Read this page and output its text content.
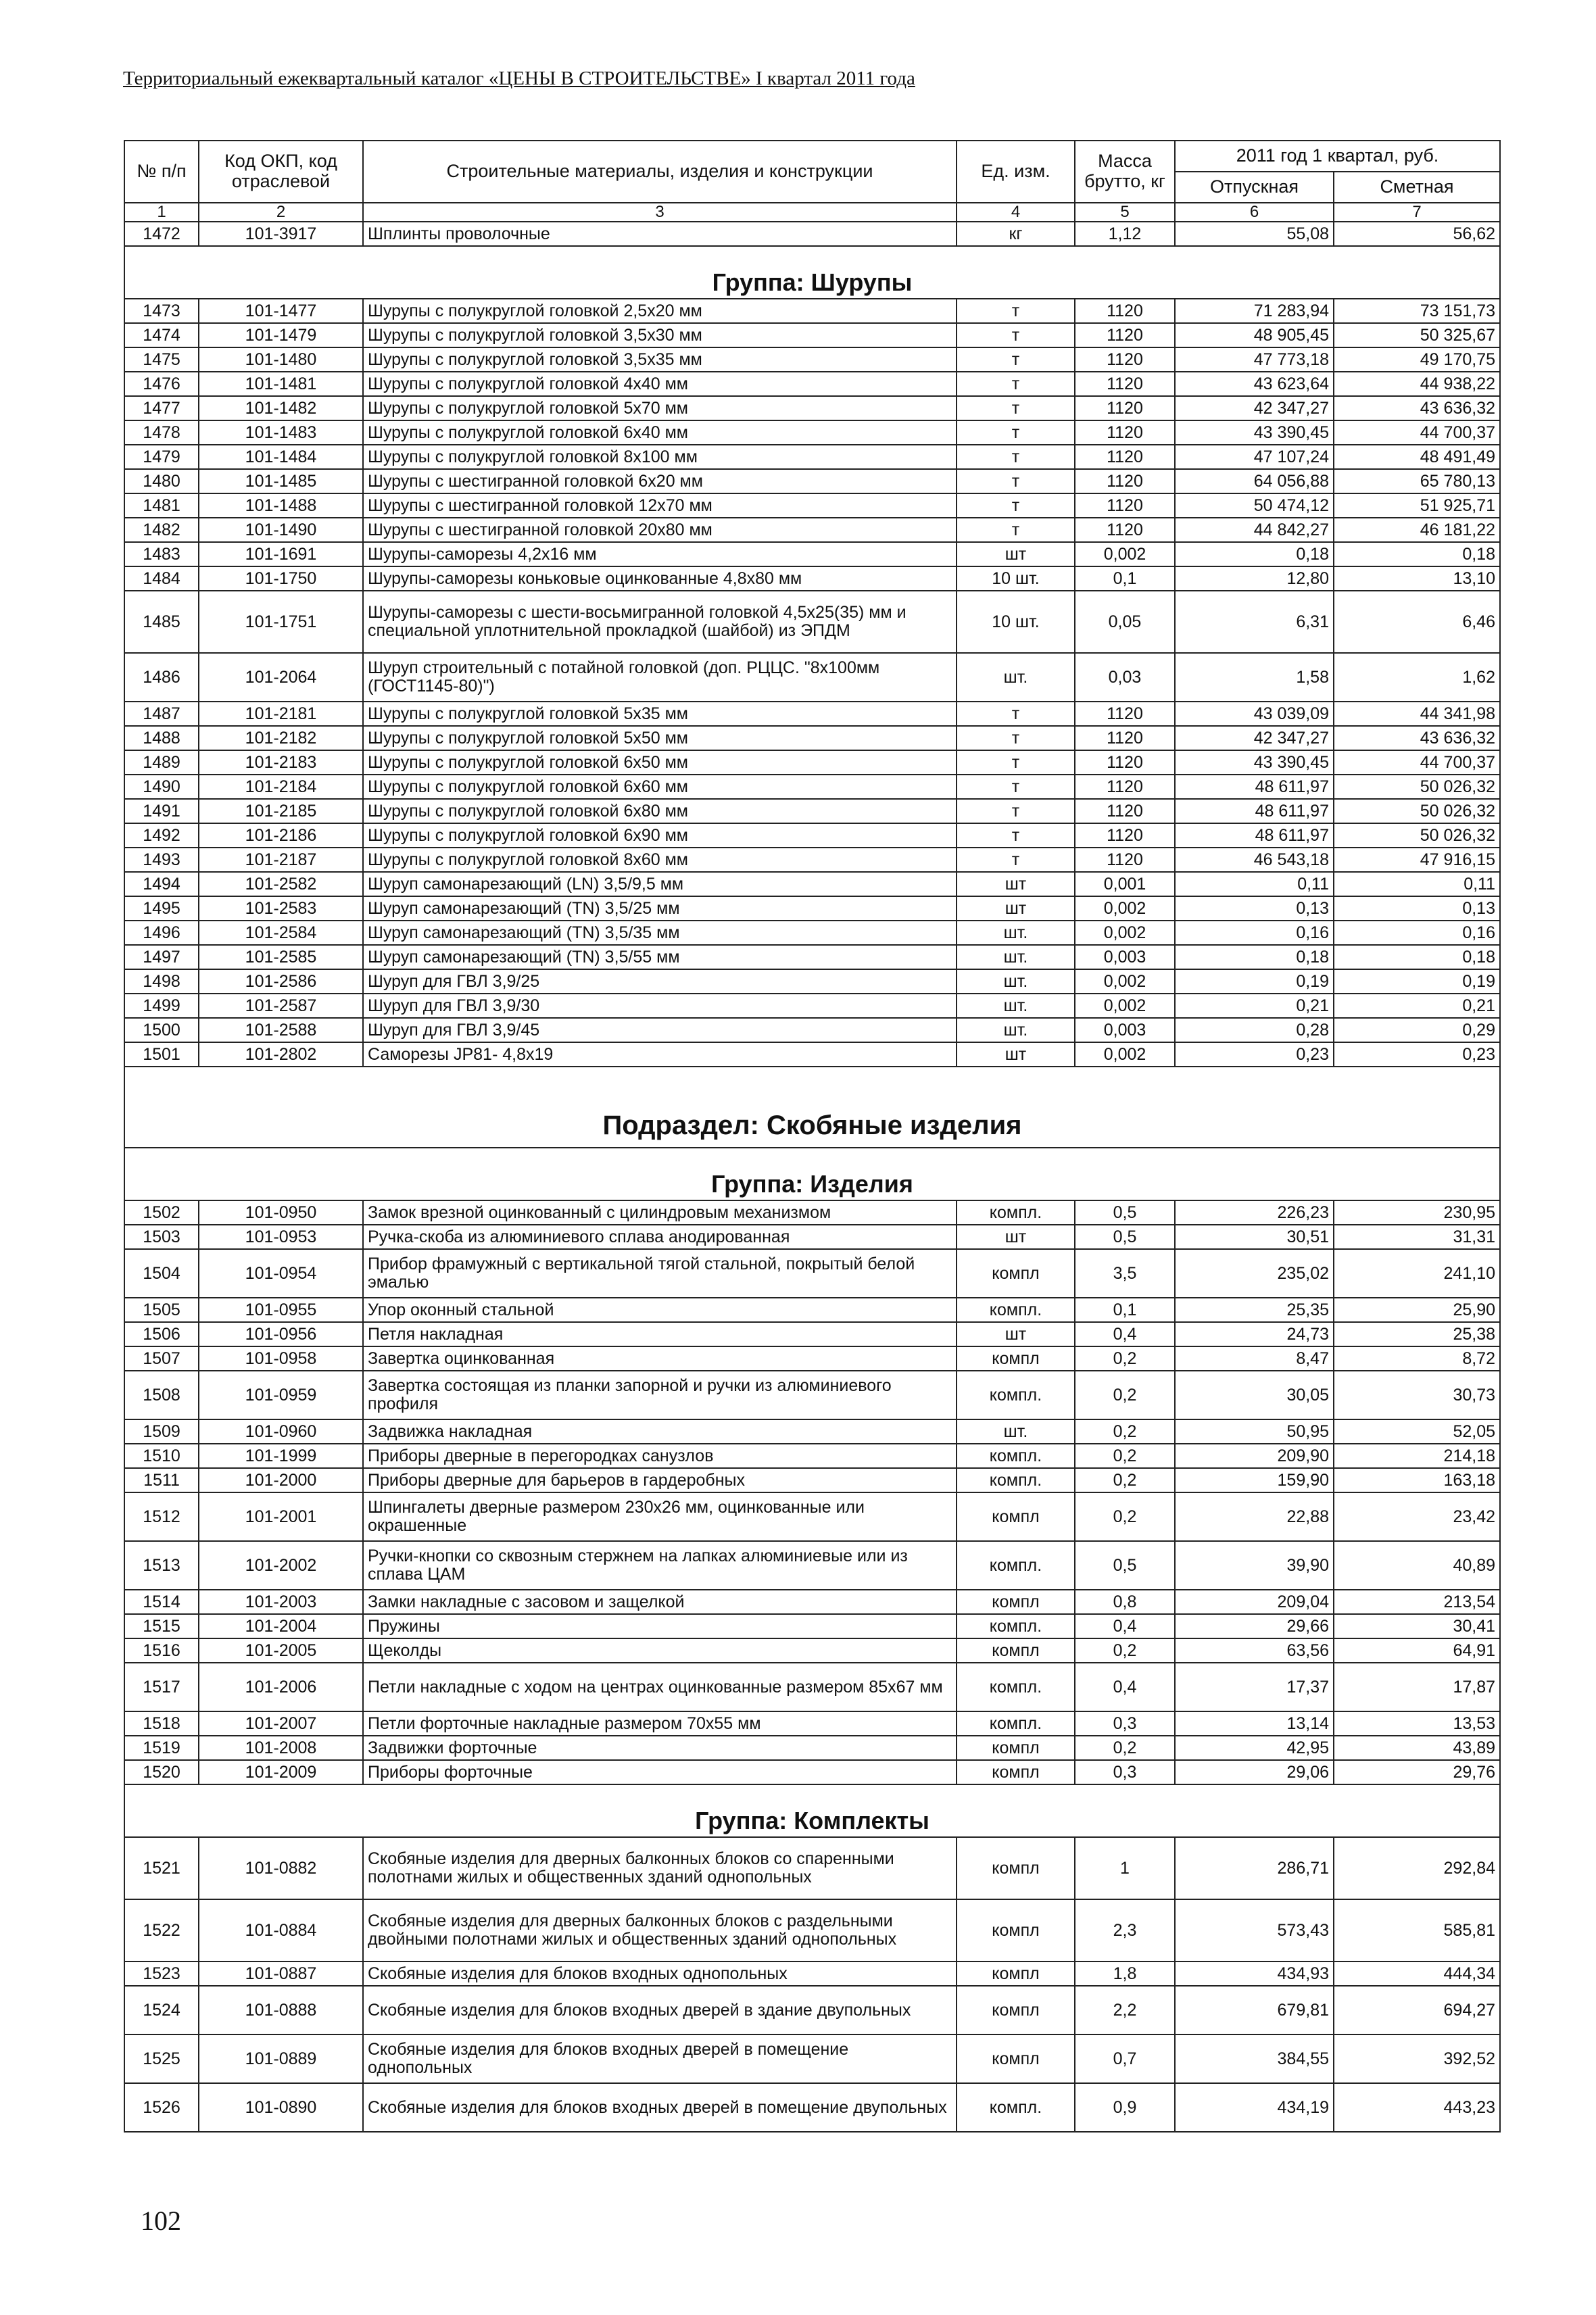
Территориальный ежеквартальный каталог «ЦЕНЫ В СТРОИТЕЛЬСТВЕ» I квартал 2011 года
№ п/п	Код ОКП, код отраслевой	Строительные материалы, изделия и конструкции	Ед. изм.	Масса брутто, кг	2011 год 1 квартал, руб.	
					Отпускная	Сметная
1	2	3	4	5	6	7
1472	101-3917	Шплинты проволочные	кг	1,12	55,08	56,62
Группа: Шурупы						
1473	101-1477	Шурупы с полукруглой головкой 2,5х20 мм	т	1120	71 283,94	73 151,73
1474	101-1479	Шурупы с полукруглой головкой 3,5х30 мм	т	1120	48 905,45	50 325,67
1475	101-1480	Шурупы с полукруглой головкой 3,5х35 мм	т	1120	47 773,18	49 170,75
1476	101-1481	Шурупы с полукруглой головкой 4х40 мм	т	1120	43 623,64	44 938,22
1477	101-1482	Шурупы с полукруглой головкой 5х70 мм	т	1120	42 347,27	43 636,32
1478	101-1483	Шурупы с полукруглой головкой 6х40 мм	т	1120	43 390,45	44 700,37
1479	101-1484	Шурупы с полукруглой головкой 8х100 мм	т	1120	47 107,24	48 491,49
1480	101-1485	Шурупы с шестигранной головкой 6х20 мм	т	1120	64 056,88	65 780,13
1481	101-1488	Шурупы с шестигранной головкой 12х70 мм	т	1120	50 474,12	51 925,71
1482	101-1490	Шурупы с шестигранной головкой 20х80 мм	т	1120	44 842,27	46 181,22
1483	101-1691	Шурупы-саморезы 4,2х16 мм	шт	0,002	0,18	0,18
1484	101-1750	Шурупы-саморезы коньковые оцинкованные 4,8х80 мм	10 шт.	0,1	12,80	13,10
1485	101-1751	Шурупы-саморезы с шести-восьмигранной головкой 4,5х25(35) мм и специальной уплотнительной прокладкой (шайбой) из ЭПДМ	10 шт.	0,05	6,31	6,46
1486	101-2064	Шуруп строительный с потайной головкой (доп. РЦЦС. "8х100мм (ГОСТ1145-80)")	шт.	0,03	1,58	1,62
1487	101-2181	Шурупы с полукруглой головкой 5х35 мм	т	1120	43 039,09	44 341,98
1488	101-2182	Шурупы с полукруглой головкой 5х50 мм	т	1120	42 347,27	43 636,32
1489	101-2183	Шурупы с полукруглой головкой 6х50 мм	т	1120	43 390,45	44 700,37
1490	101-2184	Шурупы с полукруглой головкой 6х60 мм	т	1120	48 611,97	50 026,32
1491	101-2185	Шурупы с полукруглой головкой 6х80 мм	т	1120	48 611,97	50 026,32
1492	101-2186	Шурупы с полукруглой головкой 6х90 мм	т	1120	48 611,97	50 026,32
1493	101-2187	Шурупы с полукруглой головкой 8х60 мм	т	1120	46 543,18	47 916,15
1494	101-2582	Шуруп самонарезающий (LN) 3,5/9,5 мм	шт	0,001	0,11	0,11
1495	101-2583	Шуруп самонарезающий (TN) 3,5/25 мм	шт	0,002	0,13	0,13
1496	101-2584	Шуруп самонарезающий (TN) 3,5/35 мм	шт.	0,002	0,16	0,16
1497	101-2585	Шуруп самонарезающий (TN) 3,5/55 мм	шт.	0,003	0,18	0,18
1498	101-2586	Шуруп для ГВЛ 3,9/25	шт.	0,002	0,19	0,19
1499	101-2587	Шуруп для ГВЛ 3,9/30	шт.	0,002	0,21	0,21
1500	101-2588	Шуруп для ГВЛ 3,9/45	шт.	0,003	0,28	0,29
1501	101-2802	Саморезы JP81- 4,8х19	шт	0,002	0,23	0,23
Подраздел: Скобяные изделия						
Группа: Изделия						
1502	101-0950	Замок врезной оцинкованный с цилиндровым механизмом	компл.	0,5	226,23	230,95
1503	101-0953	Ручка-скоба из алюминиевого сплава анодированная	шт	0,5	30,51	31,31
1504	101-0954	Прибор фрамужный с вертикальной тягой стальной, покрытый белой эмалью	компл	3,5	235,02	241,10
1505	101-0955	Упор оконный стальной	компл.	0,1	25,35	25,90
1506	101-0956	Петля накладная	шт	0,4	24,73	25,38
1507	101-0958	Завертка оцинкованная	компл	0,2	8,47	8,72
1508	101-0959	Завертка состоящая из планки запорной и ручки из алюминиевого профиля	компл.	0,2	30,05	30,73
1509	101-0960	Задвижка накладная	шт.	0,2	50,95	52,05
1510	101-1999	Приборы дверные в перегородках санузлов	компл.	0,2	209,90	214,18
1511	101-2000	Приборы дверные для барьеров в гардеробных	компл.	0,2	159,90	163,18
1512	101-2001	Шпингалеты дверные размером 230х26 мм, оцинкованные или окрашенные	компл	0,2	22,88	23,42
1513	101-2002	Ручки-кнопки со сквозным стержнем на лапках алюминиевые или из сплава ЦАМ	компл.	0,5	39,90	40,89
1514	101-2003	Замки накладные с засовом и защелкой	компл	0,8	209,04	213,54
1515	101-2004	Пружины	компл.	0,4	29,66	30,41
1516	101-2005	Щеколды	компл	0,2	63,56	64,91
1517	101-2006	Петли накладные с ходом на центрах оцинкованные размером 85х67 мм	компл.	0,4	17,37	17,87
1518	101-2007	Петли форточные накладные размером 70х55 мм	компл.	0,3	13,14	13,53
1519	101-2008	Задвижки форточные	компл	0,2	42,95	43,89
1520	101-2009	Приборы форточные	компл	0,3	29,06	29,76
Группа: Комплекты						
1521	101-0882	Скобяные изделия для дверных балконных блоков со спаренными полотнами жилых и общественных зданий однопольных	компл	1	286,71	292,84
1522	101-0884	Скобяные изделия для дверных балконных блоков с раздельными двойными полотнами жилых и общественных зданий однопольных	компл	2,3	573,43	585,81
1523	101-0887	Скобяные изделия для блоков входных однопольных	компл	1,8	434,93	444,34
1524	101-0888	Скобяные изделия для блоков входных дверей в здание двупольных	компл	2,2	679,81	694,27
1525	101-0889	Скобяные изделия для блоков входных дверей в помещение однопольных	компл	0,7	384,55	392,52
1526	101-0890	Скобяные изделия для блоков входных дверей в помещение двупольных	компл.	0,9	434,19	443,23
102
